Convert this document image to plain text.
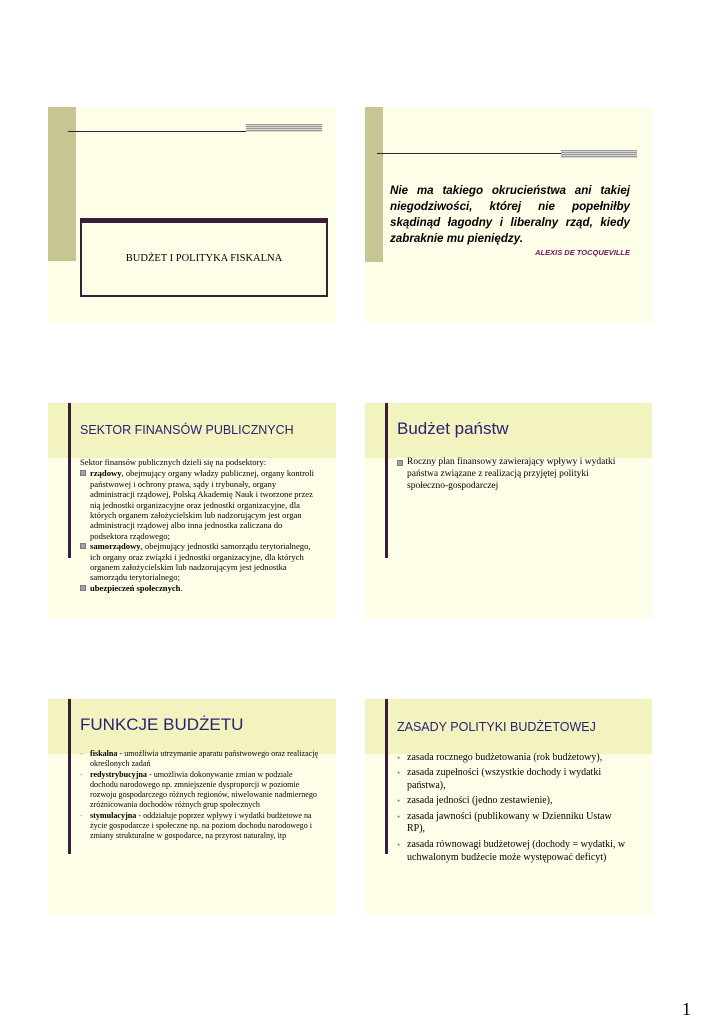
BUDŻET I POLITYKA FISKALNA
Nie ma takiego okrucieństwa ani takiej niegodziwości, której nie popełniłby skądinąd łagodny i liberalny rząd, kiedy zabraknie mu pieniędzy.
ALEXIS DE TOCQUEVILLE
SEKTOR FINANSÓW PUBLICZNYCH
Sektor finansów publicznych dzieli się na podsektory:
rządowy, obejmujący organy władzy publicznej, organy kontroli państwowej i ochrony prawa, sądy i trybunały, organy administracji rządowej, Polską Akademię Nauk i tworzone przez nią jednostki organizacyjne oraz jednostki organizacyjne, dla których organem założycielskim lub nadzorującym jest organ administracji rządowej albo inna jednostka zaliczana do podsektora rządowego;
samorządowy, obejmujący jednostki samorządu terytorialnego, ich organy oraz związki i jednostki organizacyjne, dla których organem założycielskim lub nadzorującym jest jednostka samorządu terytorialnego;
ubezpieczeń społecznych.
Budżet państw
Roczny plan finansowy zawierający wpływy i wydatki państwa związane z realizacją przyjętej polityki społeczno-gospodarczej
FUNKCJE BUDŻETU
- fiskalna - umożliwia utrzymanie aparatu państwowego oraz realizację określonych zadań
- redystrybucyjna - umożliwia dokonywanie zmian w podziale dochodu narodowego np. zmniejszenie dysproporcji w poziomie rozwoju gospodarczego różnych regionów, niwelowanie nadmiernego zróżnicowania dochodów różnych grup społecznych
- stymulacyjna - oddziałuje poprzez wpływy i wydatki budżetowe na życie gospodarcze i społeczne np. na poziom dochodu narodowego i zmiany strukturalne w gospodarce, na przyrost naturalny, itp
ZASADY POLITYKI BUDŻETOWEJ
• zasada rocznego budżetowania (rok budżetowy),
• zasada zupełności (wszystkie dochody i wydatki państwa),
• zasada jedności (jedno zestawienie),
• zasada jawności (publikowany w Dzienniku Ustaw RP),
• zasada równowagi budżetowej (dochody = wydatki, w uchwalonym budżecie może występować deficyt)
1
